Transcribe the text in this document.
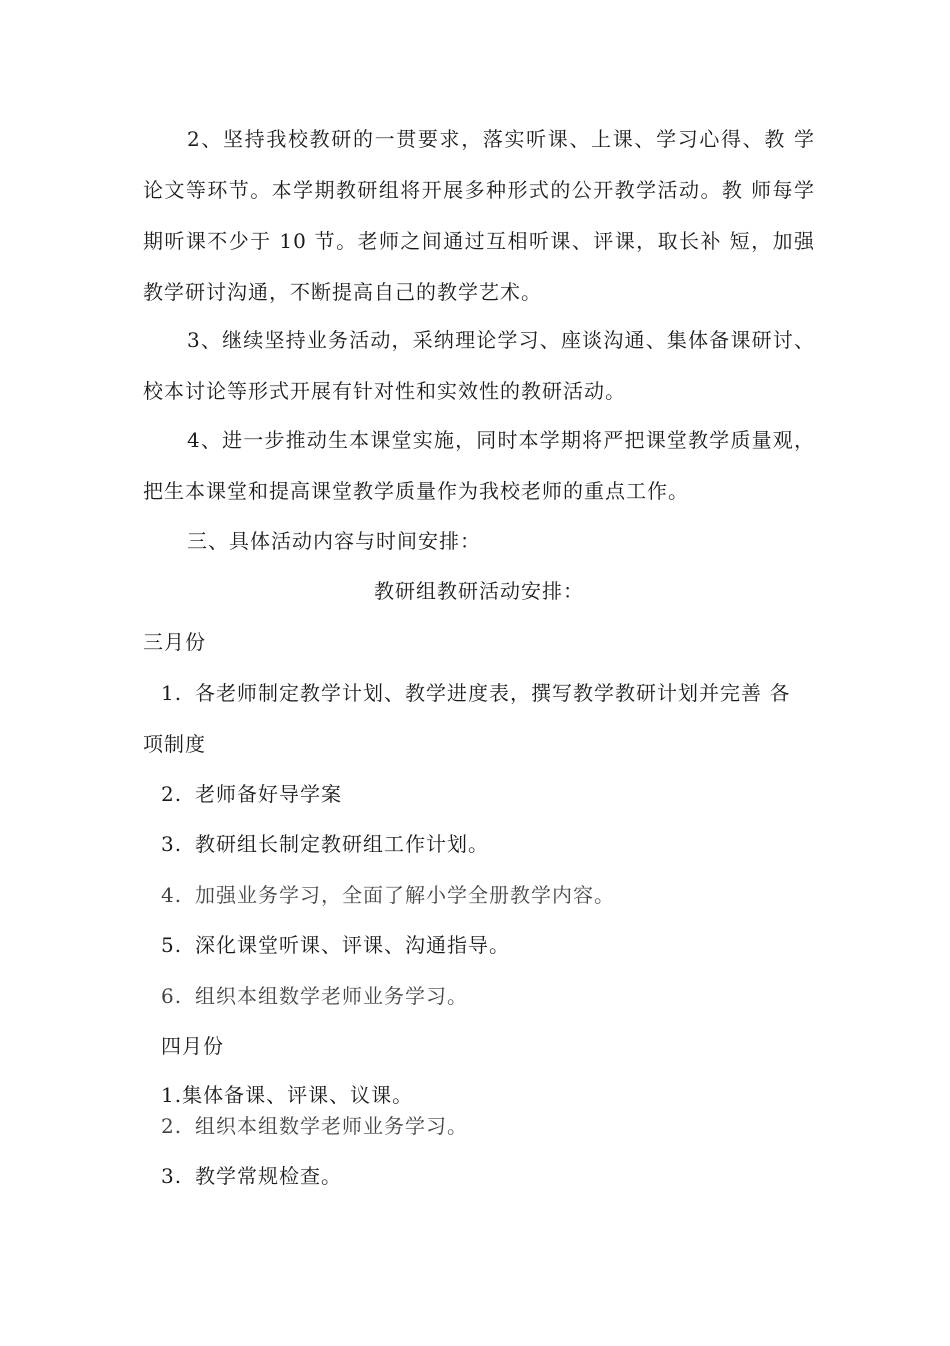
2、坚持我校教研的一贯要求，落实听课、上课、学习心得、教 学论文等环节。本学期教研组将开展多种形式的公开教学活动。教 师每学期听课不少于 10 节。老师之间通过互相听课、评课，取长补 短，加强教学研讨沟通，不断提高自己的教学艺术。

3、继续坚持业务活动，采纳理论学习、座谈沟通、集体备课研讨、校本讨论等形式开展有针对性和实效性的教研活动。

4、进一步推动生本课堂实施，同时本学期将严把课堂教学质量观，把生本课堂和提高课堂教学质量作为我校老师的重点工作。

三、具体活动内容与时间安排：

教研组教研活动安排：

三月份

1. 各老师制定教学计划、教学进度表，撰写教学教研计划并完善 各

项制度

2. 老师备好导学案

3. 教研组长制定教研组工作计划。

4. 加强业务学习，全面了解小学全册教学内容。

5. 深化课堂听课、评课、沟通指导。

6. 组织本组数学老师业务学习。

四月份

1.集体备课、评课、议课。

2. 组织本组数学老师业务学习。

3. 教学常规检查。
